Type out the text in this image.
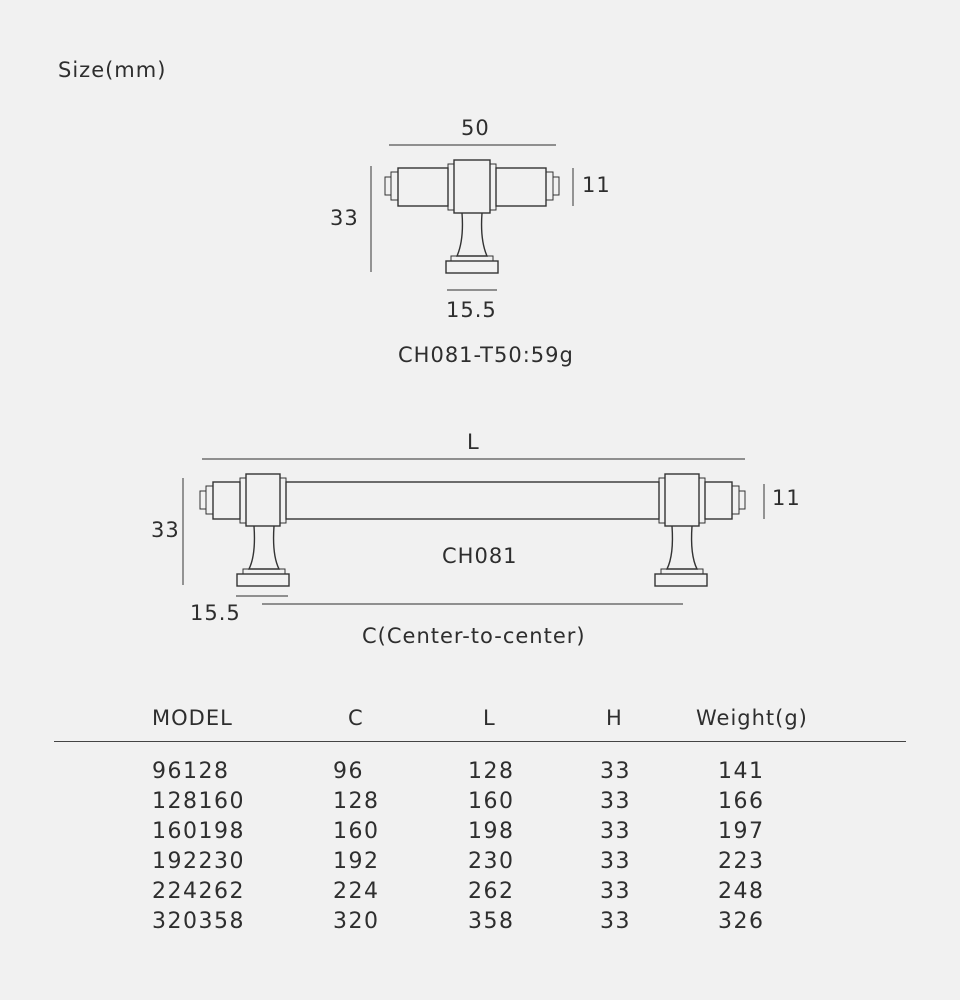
Size(mm)
50
33
11
15.5
CH081-T50:59g
L
33
11
CH081
15.5
C(Center-to-center)
MODEL	C	L	H	Weight(g)
96128	96	128	33	141
128160	128	160	33	166
160198	160	198	33	197
192230	192	230	33	223
224262	224	262	33	248
320358	320	358	33	326
